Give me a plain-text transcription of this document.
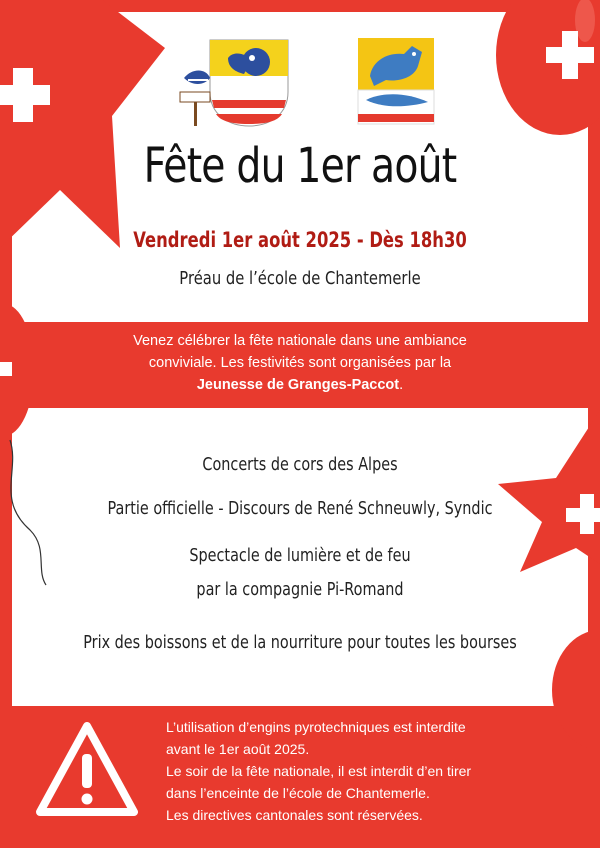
Fête du 1er août
Vendredi 1er août 2025 - Dès 18h30
Préau de l’école de Chantemerle
Venez célébrer la fête nationale dans une ambiance
conviviale. Les festivités sont organisées par la
Jeunesse de Granges-Paccot.
Concerts de cors des Alpes
Partie officielle - Discours de René Schneuwly, Syndic
Spectacle de lumière et de feu
par la compagnie Pi-Romand
Prix des boissons et de la nourriture pour toutes les bourses
L’utilisation d’engins pyrotechniques est interdite
avant le 1er août 2025.
Le soir de la fête nationale, il est interdit d’en tirer
dans l’enceinte de l’école de Chantemerle.
Les directives cantonales sont réservées.
